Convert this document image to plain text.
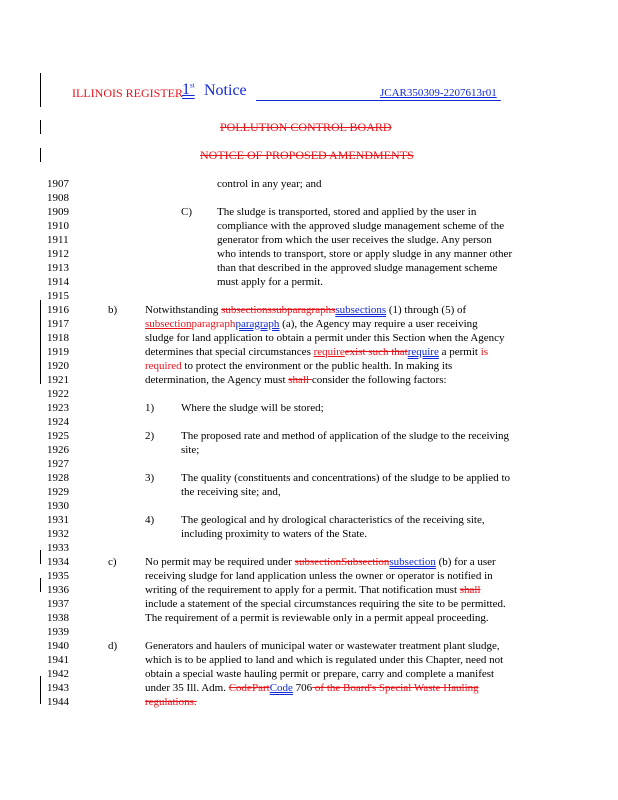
ILLINOIS REGISTER 1st Notice	JCAR350309-2207613r01
POLLUTION CONTROL BOARD
NOTICE OF PROPOSED AMENDMENTS
1907
1908
1909
1910
1911
1912
1913
1914
1915
1916
1917
1918
1919
1920
1921
1922
1923
1924
1925
1926
1927
1928
1929
1930
1931
1932
1933
1934
1935
1936
1937
1938
1939
1940
1941
1942
1943
1944
control in any year; and
C) The sludge is transported, stored and applied by the user in
compliance with the approved sludge management scheme of the
generator from which the user receives the sludge. Any person
who intends to transport, store or apply sludge in any manner other
than that described in the approved sludge management scheme
must apply for a permit.
b)	Notwithstanding subsectionssubparagraphssubsections (1) through (5) of
subsectionparagraphparagraph (a), the Agency may require a user receiving
sludge for land application to obtain a permit under this Section when the Agency
determines that special circumstances requireexist such thatrequire a permit is
required to protect the environment or the public health. In making its
determination, the Agency must shall consider the following factors:
1) Where the sludge will be stored;
2) The proposed rate and method of application of the sludge to the receiving
site;
3) The quality (constituents and concentrations) of the sludge to be applied to
the receiving site; and,
4) The geological and hy drological characteristics of the receiving site,
including proximity to waters of the State.
c)	No permit may be required under subsectionSubsectionsubsection (b) for a user
receiving sludge for land application unless the owner or operator is notified in
writing of the requirement to apply for a permit. That notification must shall
include a statement of the special circumstances requiring the site to be permitted.
The requirement of a permit is reviewable only in a permit appeal proceeding.
d)	Generators and haulers of municipal water or wastewater treatment plant sludge,
which is to be applied to land and which is regulated under this Chapter, need not
obtain a special waste hauling permit or prepare, carry and complete a manifest
under 35 Ill. Adm. CodePartCode 706 of the Board's Special Waste Hauling
regulations.
